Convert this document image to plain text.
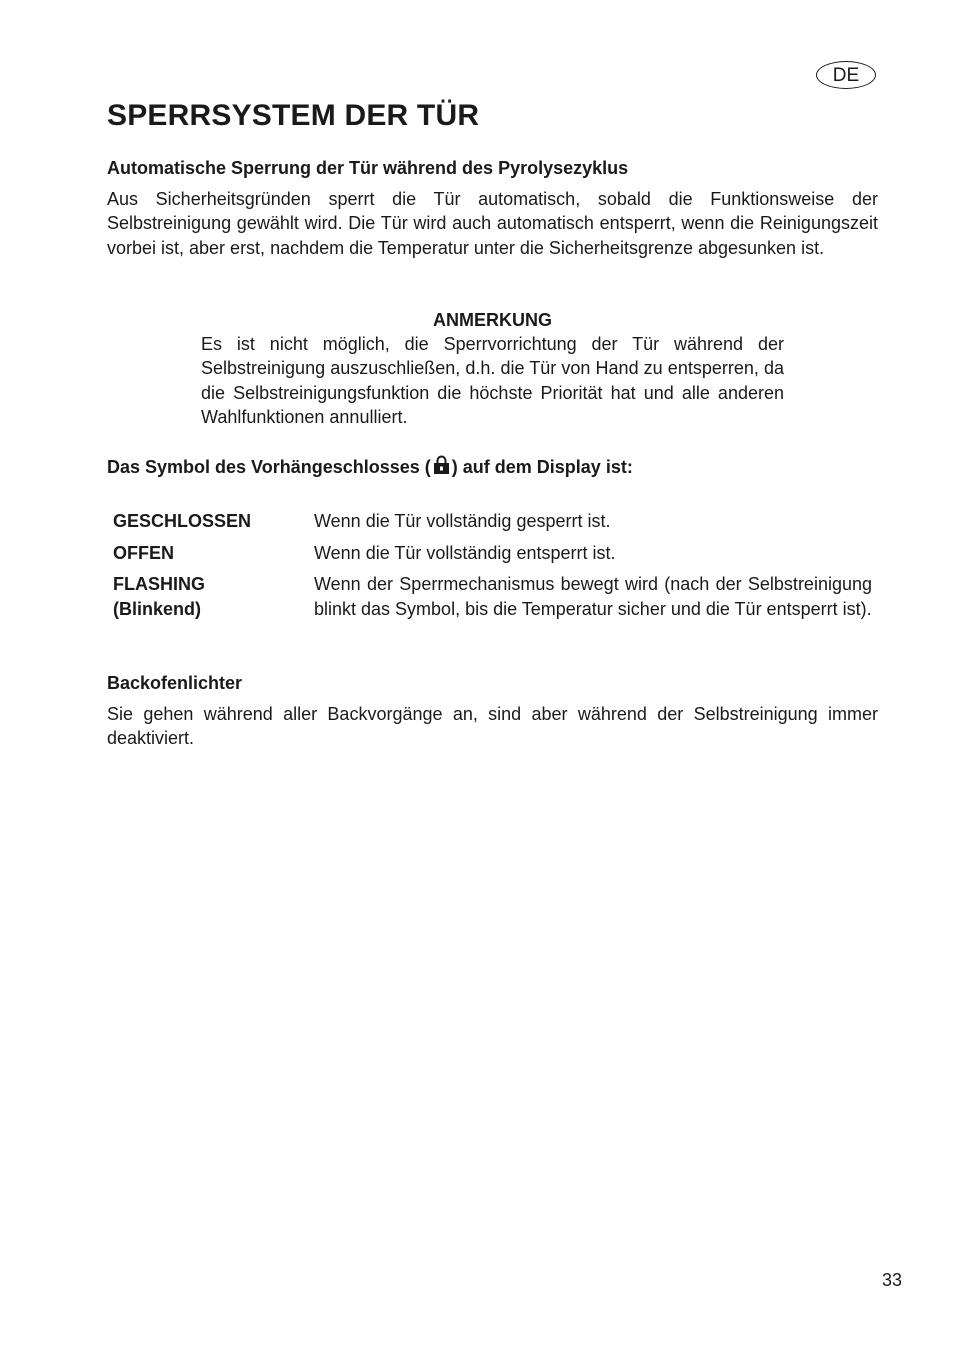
DE
SPERRSYSTEM DER TÜR
Automatische Sperrung der Tür während des Pyrolysezyklus

Aus Sicherheitsgründen sperrt die Tür automatisch, sobald die Funktionsweise der Selbstreinigung gewählt wird. Die Tür wird auch automatisch entsperrt, wenn die Reinigungszeit vorbei ist, aber erst, nachdem die Temperatur unter die Sicherheitsgrenze abgesunken ist.

ANMERKUNG

Es ist nicht möglich, die Sperrvorrichtung der Tür während der Selbstreinigung auszuschließen, d.h. die Tür von Hand zu entsperren, da die Selbstreinigungsfunktion die höchste Priorität hat und alle anderen Wahlfunktionen annulliert.

Das Symbol des Vorhängeschlosses ( ) auf dem Display ist:
GESCHLOSSEN	Wenn die Tür vollständig gesperrt ist.
OFFEN	Wenn die Tür vollständig entsperrt ist.
FLASHING
(Blinkend)
Wenn der Sperrmechanismus bewegt wird (nach der Selbstreinigung blinkt das Symbol, bis die Temperatur sicher und die Tür entsperrt ist).
Backofenlichter

Sie gehen während aller Backvorgänge an, sind aber während der Selbstreinigung immer deaktiviert.

33
